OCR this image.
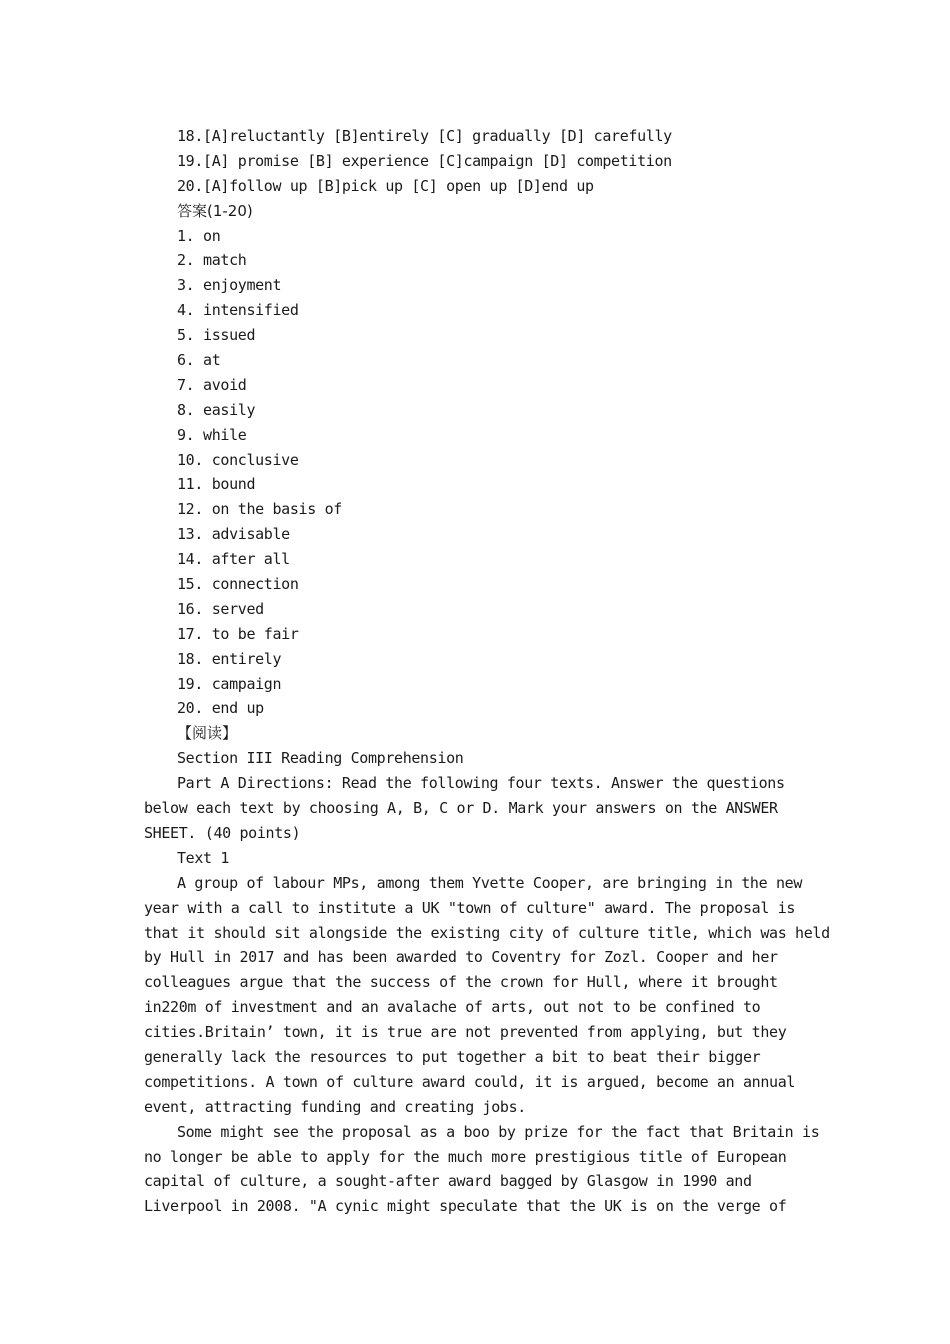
18.[A]reluctantly [B]entirely [C] gradually [D] carefully
19.[A] promise [B] experience [C]campaign [D] competition
20.[A]follow up [B]pick up [C] open up [D]end up
答案(1-20)
1. on
2. match
3. enjoyment
4. intensified
5. issued
6. at
7. avoid
8. easily
9. while
10. conclusive
11. bound
12. on the basis of
13. advisable
14. after all
15. connection
16. served
17. to be fair
18. entirely
19. campaign
20. end up
【阅读】
Section III Reading Comprehension
Part A Directions: Read the following four texts. Answer the questions
below each text by choosing A, B, C or D. Mark your answers on the ANSWER
SHEET. (40 points)
Text 1
A group of labour MPs, among them Yvette Cooper, are bringing in the new
year with a call to institute a UK "town of culture" award. The proposal is
that it should sit alongside the existing city of culture title, which was held
by Hull in 2017 and has been awarded to Coventry for Zozl. Cooper and her
colleagues argue that the success of the crown for Hull, where it brought
in220m of investment and an avalache of arts, out not to be confined to
cities.Britain’ town, it is true are not prevented from applying, but they
generally lack the resources to put together a bit to beat their bigger
competitions. A town of culture award could, it is argued, become an annual
event, attracting funding and creating jobs.
Some might see the proposal as a boo by prize for the fact that Britain is
no longer be able to apply for the much more prestigious title of European
capital of culture, a sought-after award bagged by Glasgow in 1990 and
Liverpool in 2008. "A cynic might speculate that the UK is on the verge of
